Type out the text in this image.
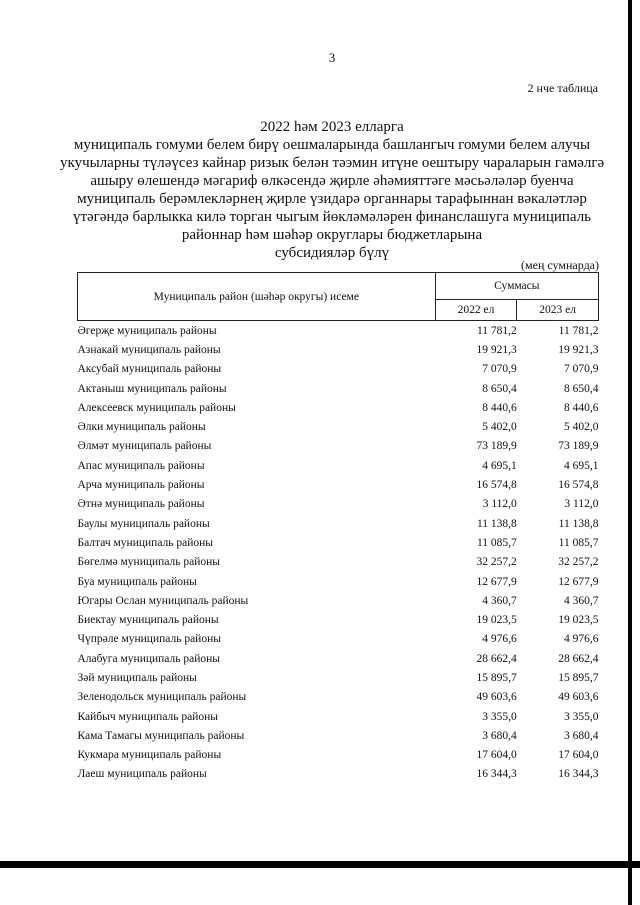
3
2 нче таблица
2022 һәм 2023 елларга
муниципаль гомуми белем бирү оешмаларында башлангыч гомуми белем алучы
укучыларны түләүсез кайнар ризык белән тәэмин итүне оештыру чараларын гамәлгә
ашыру өлешендә мәгариф өлкәсендә җирле әһәмияттәге мәсьәләләр буенча
муниципаль берәмлекләрнең җирле үзидарә органнары тарафыннан вәкаләтләр
үтәгәндә барлыкка килә торган чыгым йөкләмәләрен финанслашуга муниципаль
районнар һәм шәһәр округлары бюджетларына
субсидияләр бүлү
(мең сумнарда)
Муниципаль район (шәһәр округы) исеме	Суммасы	
	2022 ел	2023 ел
Әгерҗе муниципаль районы	11 781,2	11 781,2
Азнакай муниципаль районы	19 921,3	19 921,3
Аксубай муниципаль районы	7 070,9	7 070,9
Актаныш муниципаль районы	8 650,4	8 650,4
Алексеевск муниципаль районы	8 440,6	8 440,6
Әлки муниципаль районы	5 402,0	5 402,0
Әлмәт муниципаль районы	73 189,9	73 189,9
Апас муниципаль районы	4 695,1	4 695,1
Арча муниципаль районы	16 574,8	16 574,8
Әтнә муниципаль районы	3 112,0	3 112,0
Баулы муниципаль районы	11 138,8	11 138,8
Балтач муниципаль районы	11 085,7	11 085,7
Бөгелмә муниципаль районы	32 257,2	32 257,2
Буа муниципаль районы	12 677,9	12 677,9
Югары Ослан муниципаль районы	4 360,7	4 360,7
Биектау муниципаль районы	19 023,5	19 023,5
Чүпрәле муниципаль районы	4 976,6	4 976,6
Алабуга муниципаль районы	28 662,4	28 662,4
Зәй муниципаль районы	15 895,7	15 895,7
Зеленодольск муниципаль районы	49 603,6	49 603,6
Кайбыч муниципаль районы	3 355,0	3 355,0
Кама Тамагы муниципаль районы	3 680,4	3 680,4
Кукмара муниципаль районы	17 604,0	17 604,0
Лаеш муниципаль районы	16 344,3	16 344,3
